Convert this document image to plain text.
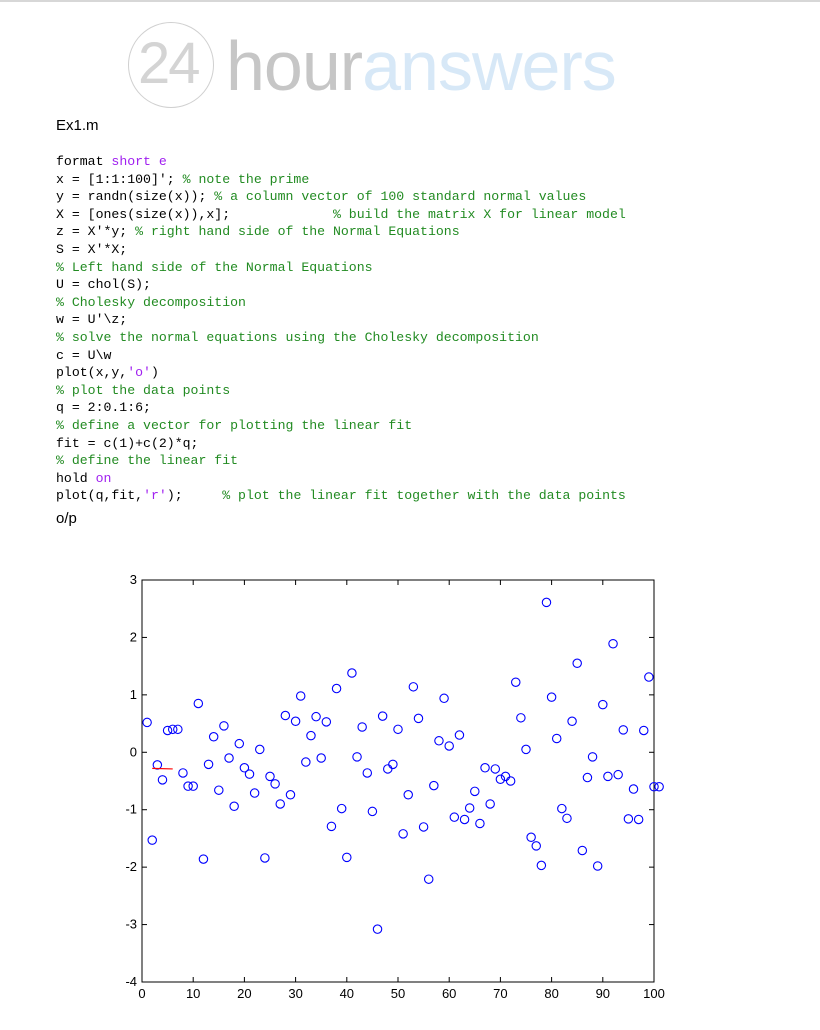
24 houranswers
Ex1.m
format short e
x = [1:1:100]'; % note the prime
y = randn(size(x)); % a column vector of 100 standard normal values
X = [ones(size(x)),x];             % build the matrix X for linear model
z = X'*y; % right hand side of the Normal Equations
S = X'*X;
% Left hand side of the Normal Equations
U = chol(S);
% Cholesky decomposition
w = U'\z;
% solve the normal equations using the Cholesky decomposition
c = U\w
plot(x,y,'o')
% plot the data points
q = 2:0.1:6;
% define a vector for plotting the linear fit
fit = c(1)+c(2)*q;
% define the linear fit
hold on
plot(q,fit,'r');     % plot the linear fit together with the data points
o/p
0	10	20	30	40	50	60	70	80	90	100
-4
-3
-2
-1
0
1
2
3
